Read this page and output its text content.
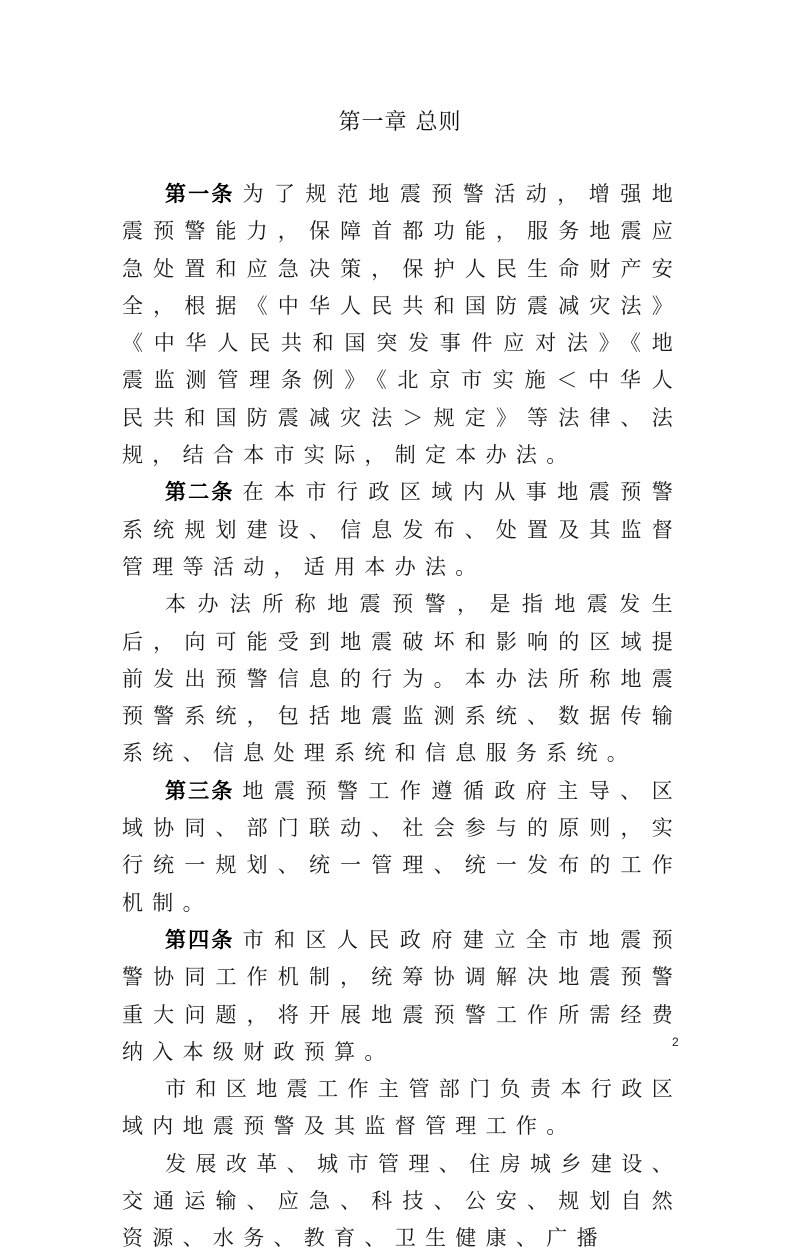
第一章 总则

第一条 为了规范地震预警活动，增强地震预警能力，保障首都功能，服务地震应急处置和应急决策，保护人民生命财产安全，根据《中华人民共和国防震减灾法》《中华人民共和国突发事件应对法》《地震监测管理条例》《北京市实施＜中华人民共和国防震减灾法＞规定》等法律、法规，结合本市实际，制定本办法。

第二条 在本市行政区域内从事地震预警系统规划建设、信息发布、处置及其监督管理等活动，适用本办法。

本办法所称地震预警，是指地震发生后，向可能受到地震破坏和影响的区域提前发出预警信息的行为。本办法所称地震预警系统，包括地震监测系统、数据传输系统、信息处理系统和信息服务系统。

第三条 地震预警工作遵循政府主导、区域协同、部门联动、社会参与的原则，实行统一规划、统一管理、统一发布的工作机制。

第四条 市和区人民政府建立全市地震预警协同工作机制，统筹协调解决地震预警重大问题，将开展地震预警工作所需经费纳入本级财政预算。

市和区地震工作主管部门负责本行政区域内地震预警及其监督管理工作。

发展改革、城市管理、住房城乡建设、交通运输、应急、科技、公安、规划自然资源、水务、教育、卫生健康、广播

2
